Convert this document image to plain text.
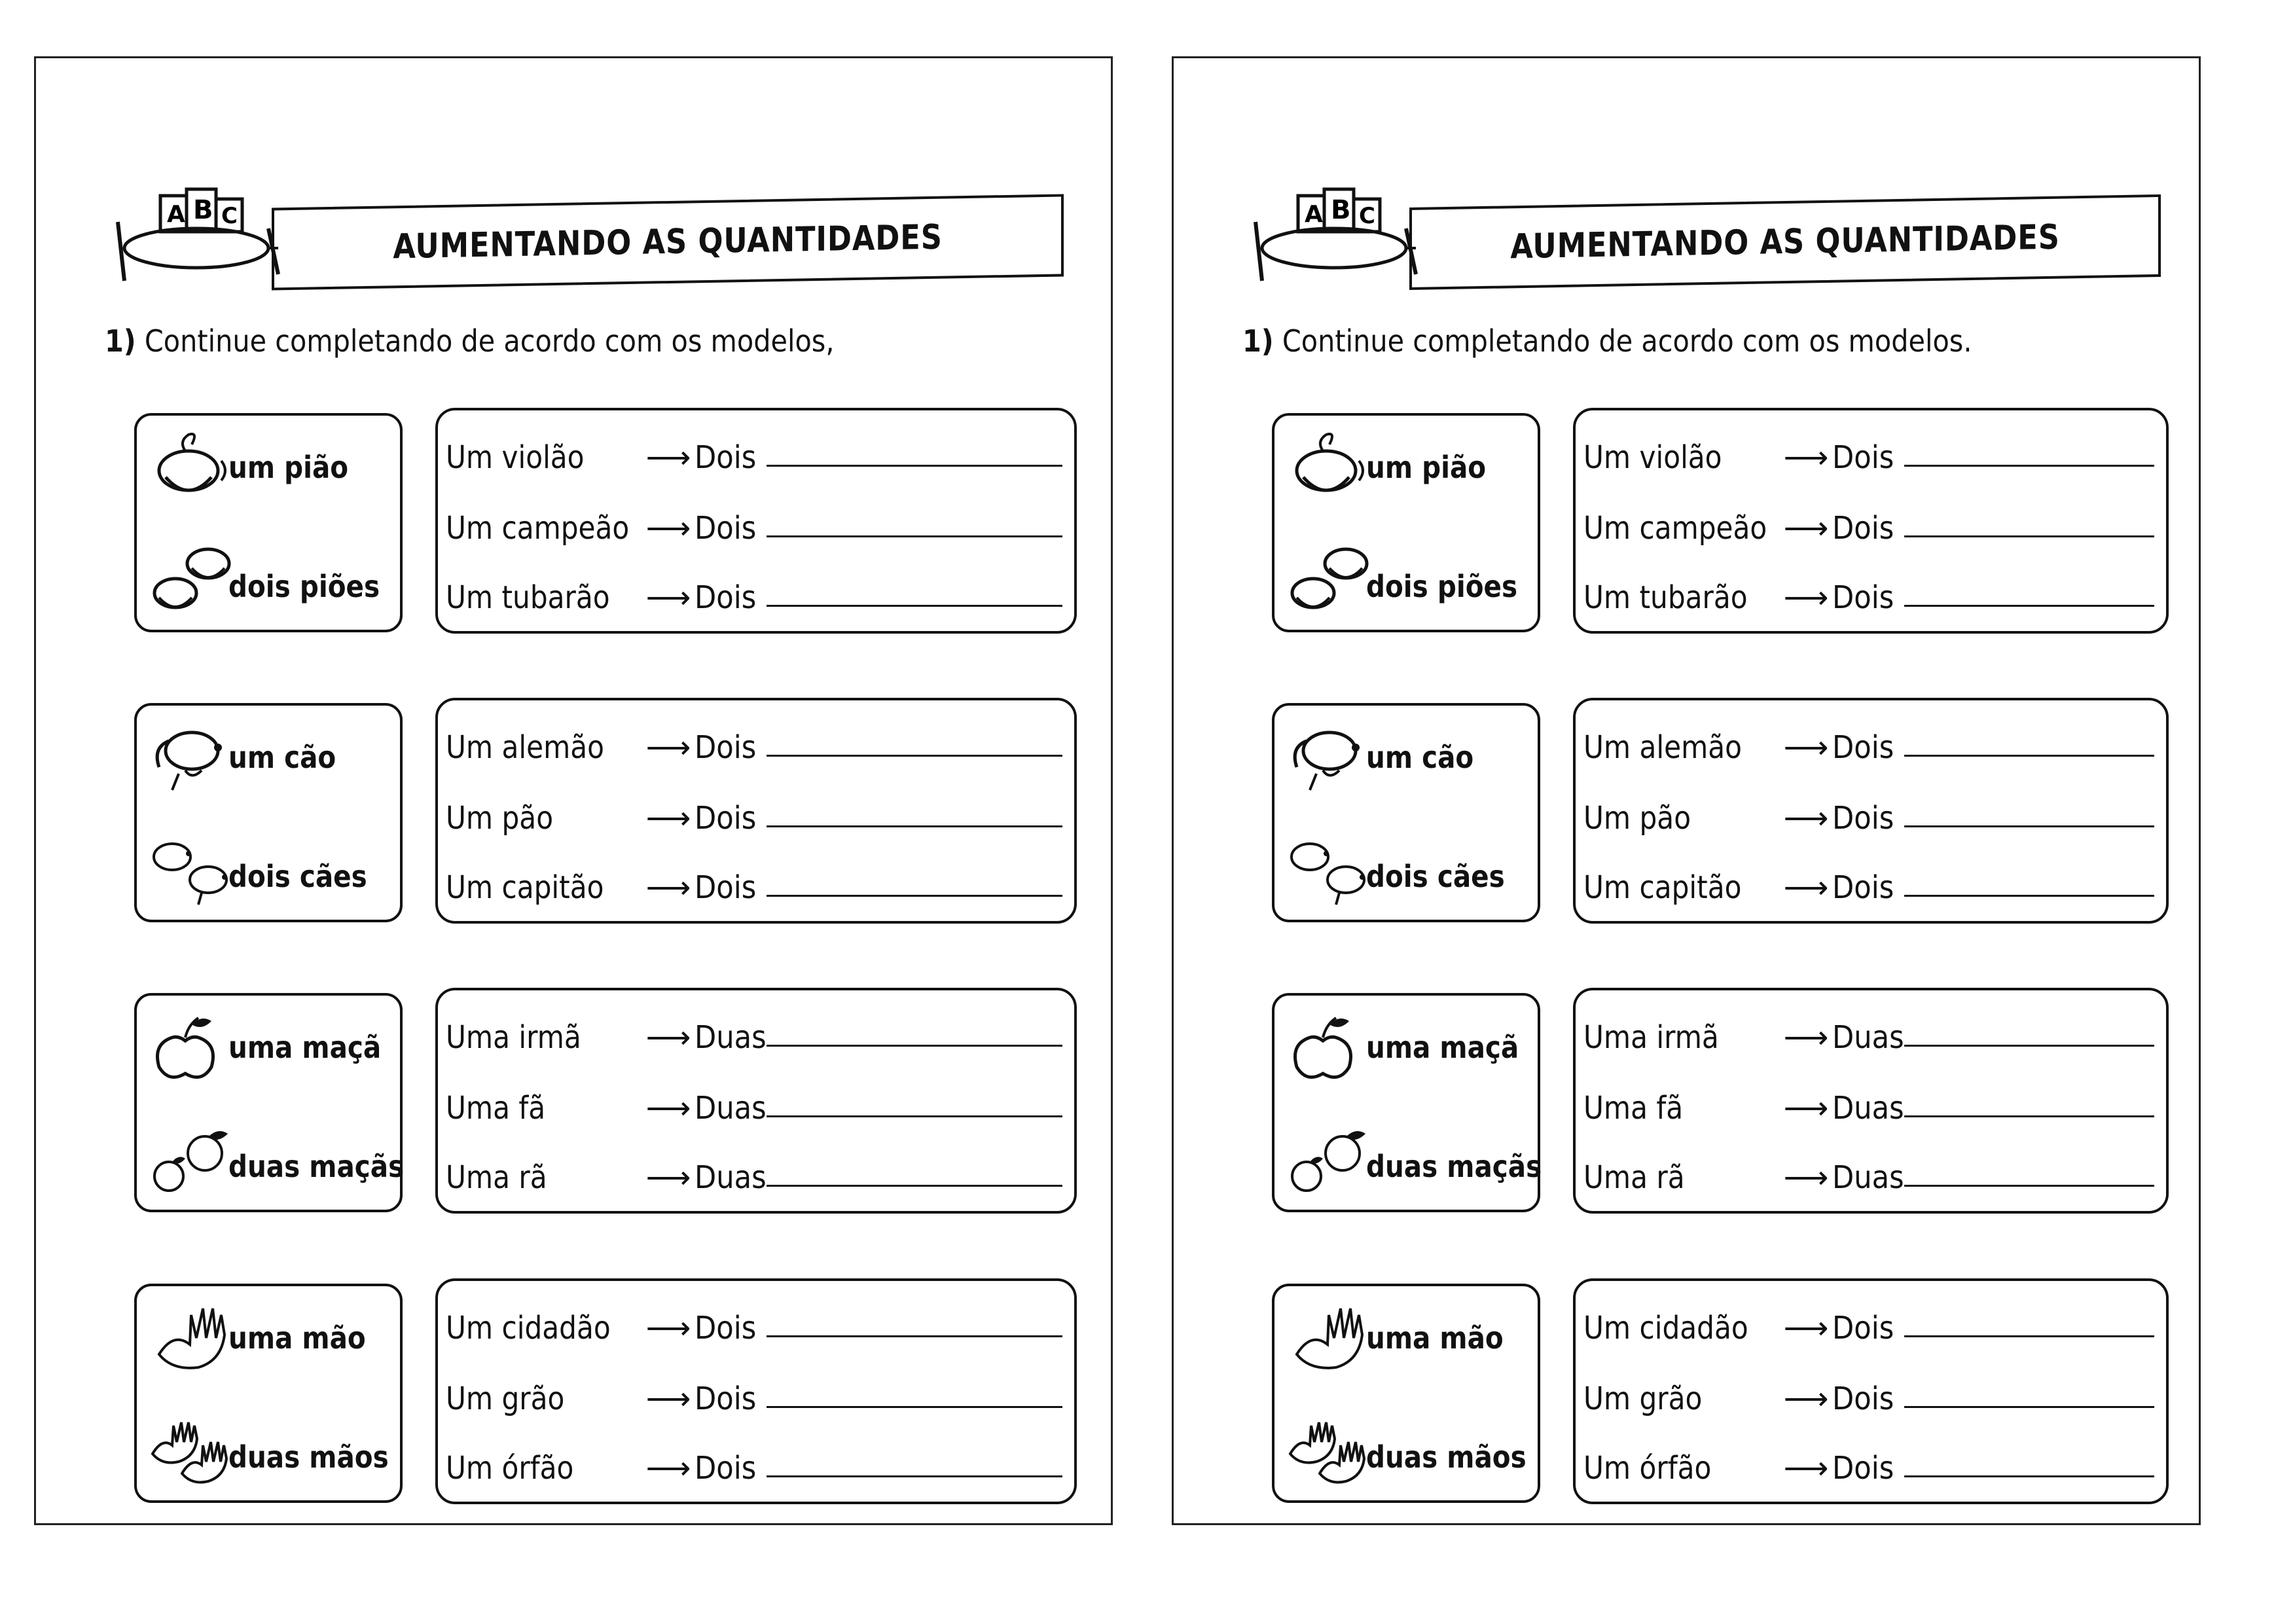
A B C
AUMENTANDO AS QUANTIDADES
1) Continue completando de acordo com os modelos,
um pião
dois piões
Um violão	⟶ Dois
Um campeão ⟶ Dois
Um tubarão ⟶ Dois
um cão
dois cães
Um alemão	⟶ Dois
Um pão	⟶ Dois
Um capitão	⟶ Dois
uma maçã
duas maçãs
Uma irmã	⟶ Duas
Uma fã	⟶ Duas
Uma rã	⟶ Duas
uma mão
duas mãos
Um cidadão ⟶ Dois
Um grão	⟶ Dois
Um órfão	⟶ Dois
A B C
AUMENTANDO AS QUANTIDADES
1) Continue completando de acordo com os modelos.
um pião
dois piões
Um violão	⟶ Dois
Um campeão ⟶ Dois
Um tubarão ⟶ Dois
um cão
dois cães
Um alemão	⟶ Dois
Um pão	⟶ Dois
Um capitão	⟶ Dois
uma maçã
duas maçãs
Uma irmã	⟶ Duas
Uma fã	⟶ Duas
Uma rã	⟶ Duas
uma mão
duas mãos
Um cidadão ⟶ Dois
Um grão	⟶ Dois
Um órfão	⟶ Dois
